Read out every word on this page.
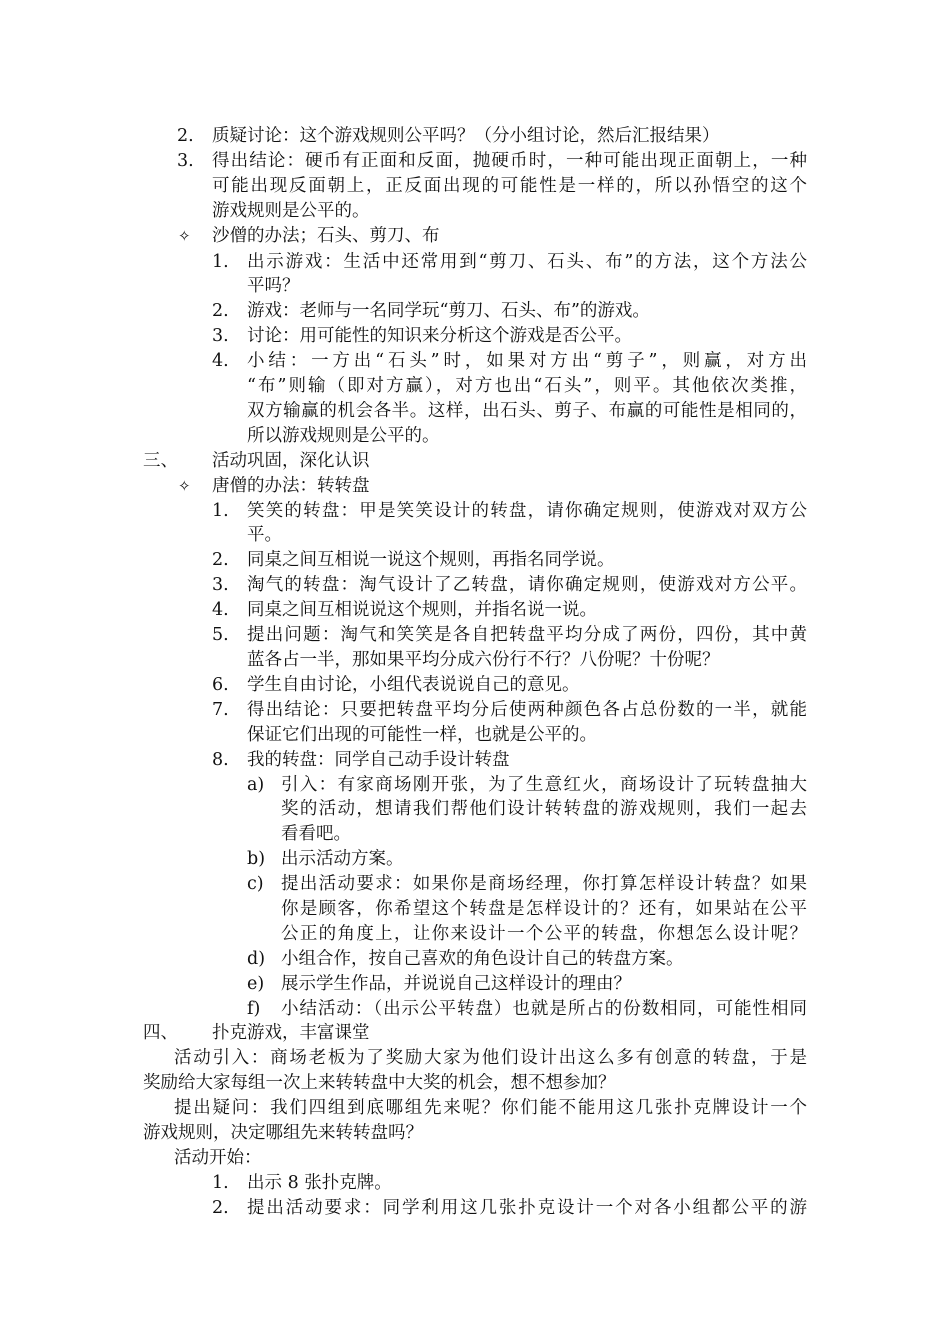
2. 质疑讨论：这个游戏规则公平吗？（分小组讨论，然后汇报结果）
3. 得出结论：硬币有正面和反面，抛硬币时，一种可能出现正面朝上，一种
可能出现反面朝上，正反面出现的可能性是一样的，所以孙悟空的这个
游戏规则是公平的。
✧ 沙僧的办法；石头、剪刀、布
1. 出示游戏：生活中还常用到“剪刀、石头、布”的方法，这个方法公
平吗？
2. 游戏：老师与一名同学玩“剪刀、石头、布”的游戏。
3. 讨论：用可能性的知识来分析这个游戏是否公平。
4. 小结：一方出“石头”时，如果对方出“剪子”，则赢，对方出
“布”则输（即对方赢），对方也出“石头”，则平。其他依次类推，
双方输赢的机会各半。这样，出石头、剪子、布赢的可能性是相同的，
所以游戏规则是公平的。
三、 活动巩固，深化认识
✧ 唐僧的办法：转转盘
1. 笑笑的转盘：甲是笑笑设计的转盘，请你确定规则，使游戏对双方公
平。
2. 同桌之间互相说一说这个规则，再指名同学说。
3. 淘气的转盘：淘气设计了乙转盘，请你确定规则，使游戏对方公平。
4. 同桌之间互相说说这个规则，并指名说一说。
5. 提出问题：淘气和笑笑是各自把转盘平均分成了两份，四份，其中黄
蓝各占一半，那如果平均分成六份行不行？八份呢？十份呢？
6. 学生自由讨论，小组代表说说自己的意见。
7. 得出结论：只要把转盘平均分后使两种颜色各占总份数的一半，就能
保证它们出现的可能性一样，也就是公平的。
8. 我的转盘：同学自己动手设计转盘
a) 引入：有家商场刚开张，为了生意红火，商场设计了玩转盘抽大
奖的活动，想请我们帮他们设计转转盘的游戏规则，我们一起去
看看吧。
b) 出示活动方案。
c) 提出活动要求：如果你是商场经理，你打算怎样设计转盘？如果
你是顾客，你希望这个转盘是怎样设计的？还有，如果站在公平
公正的角度上，让你来设计一个公平的转盘，你想怎么设计呢？
d) 小组合作，按自己喜欢的角色设计自己的转盘方案。
e) 展示学生作品，并说说自己这样设计的理由？
f) 小结活动：（出示公平转盘）也就是所占的份数相同，可能性相同
四、 扑克游戏，丰富课堂
活动引入：商场老板为了奖励大家为他们设计出这么多有创意的转盘，于是
奖励给大家每组一次上来转转盘中大奖的机会，想不想参加？
提出疑问：我们四组到底哪组先来呢？你们能不能用这几张扑克牌设计一个
游戏规则，决定哪组先来转转盘吗？
活动开始：
1. 出示 8 张扑克牌。
2. 提出活动要求：同学利用这几张扑克设计一个对各小组都公平的游
